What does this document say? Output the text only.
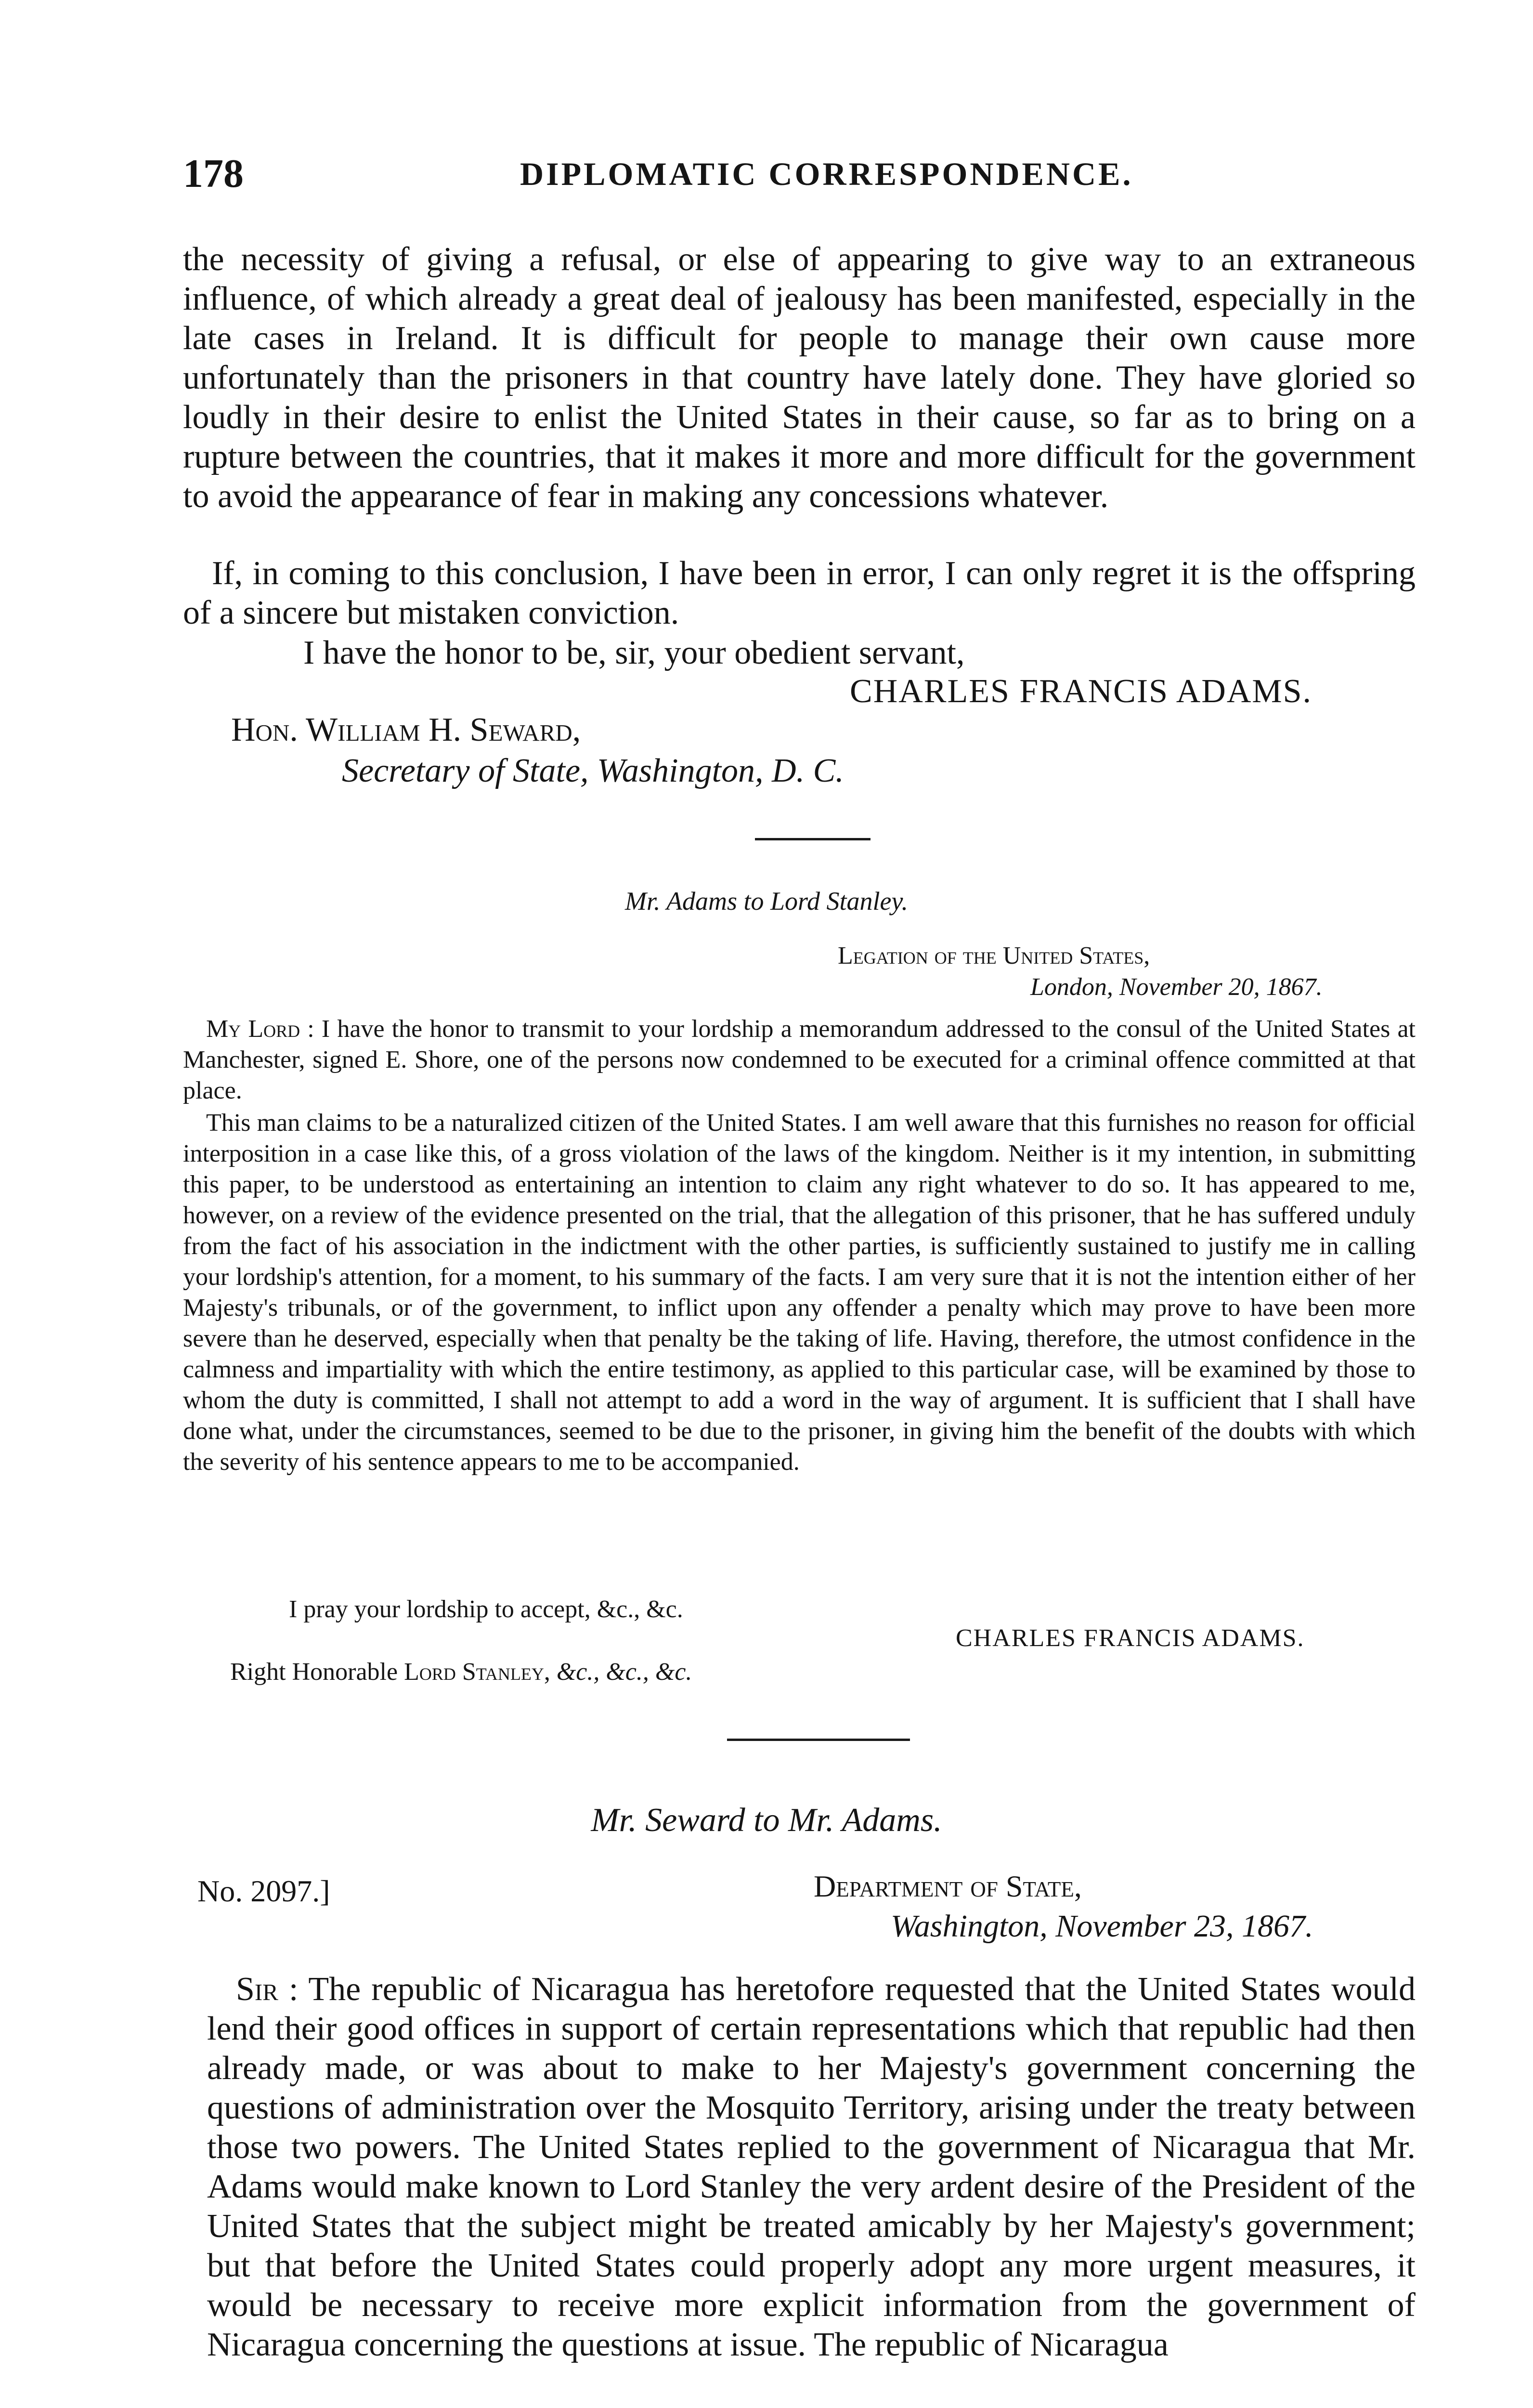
178	DIPLOMATIC CORRESPONDENCE.

the necessity of giving a refusal, or else of appearing to give way to an extraneous influence, of which already a great deal of jealousy has been manifested, especially in the late cases in Ireland. It is difficult for people to manage their own cause more unfortunately than the prisoners in that country have lately done. They have gloried so loudly in their desire to enlist the United States in their cause, so far as to bring on a rupture between the countries, that it makes it more and more difficult for the government to avoid the appearance of fear in making any concessions whatever.

If, in coming to this conclusion, I have been in error, I can only regret it is the offspring of a sincere but mistaken conviction.

I have the honor to be, sir, your obedient servant,

CHARLES FRANCIS ADAMS.

Hon. William H. Seward,

Secretary of State, Washington, D. C.

Mr. Adams to Lord Stanley.

Legation of the United States,

London, November 20, 1867.

My Lord : I have the honor to transmit to your lordship a memorandum addressed to the consul of the United States at Manchester, signed E. Shore, one of the persons now condemned to be executed for a criminal offence committed at that place.

This man claims to be a naturalized citizen of the United States. I am well aware that this furnishes no reason for official interposition in a case like this, of a gross violation of the laws of the kingdom. Neither is it my intention, in submitting this paper, to be understood as entertaining an intention to claim any right whatever to do so. It has appeared to me, however, on a review of the evidence presented on the trial, that the allegation of this prisoner, that he has suffered unduly from the fact of his association in the indictment with the other parties, is sufficiently sustained to justify me in calling your lordship's attention, for a moment, to his summary of the facts. I am very sure that it is not the intention either of her Majesty's tribunals, or of the government, to inflict upon any offender a penalty which may prove to have been more severe than he deserved, especially when that penalty be the taking of life. Having, therefore, the utmost confidence in the calmness and impartiality with which the entire testimony, as applied to this particular case, will be examined by those to whom the duty is committed, I shall not attempt to add a word in the way of argument. It is sufficient that I shall have done what, under the circumstances, seemed to be due to the prisoner, in giving him the benefit of the doubts with which the severity of his sentence appears to me to be accompanied.

I pray your lordship to accept, &c., &c.

CHARLES FRANCIS ADAMS.

Right Honorable Lord Stanley, &c., &c., &c.

Mr. Seward to Mr. Adams.

No. 2097.]	Department of State,

Washington, November 23, 1867.

Sir : The republic of Nicaragua has heretofore requested that the United States would lend their good offices in support of certain representations which that republic had then already made, or was about to make to her Majesty's government concerning the questions of administration over the Mosquito Territory, arising under the treaty between those two powers. The United States replied to the government of Nicaragua that Mr. Adams would make known to Lord Stanley the very ardent desire of the President of the United States that the subject might be treated amicably by her Majesty's government; but that before the United States could properly adopt any more urgent measures, it would be necessary to receive more explicit information from the government of Nicaragua concerning the questions at issue. The republic of Nicaragua
